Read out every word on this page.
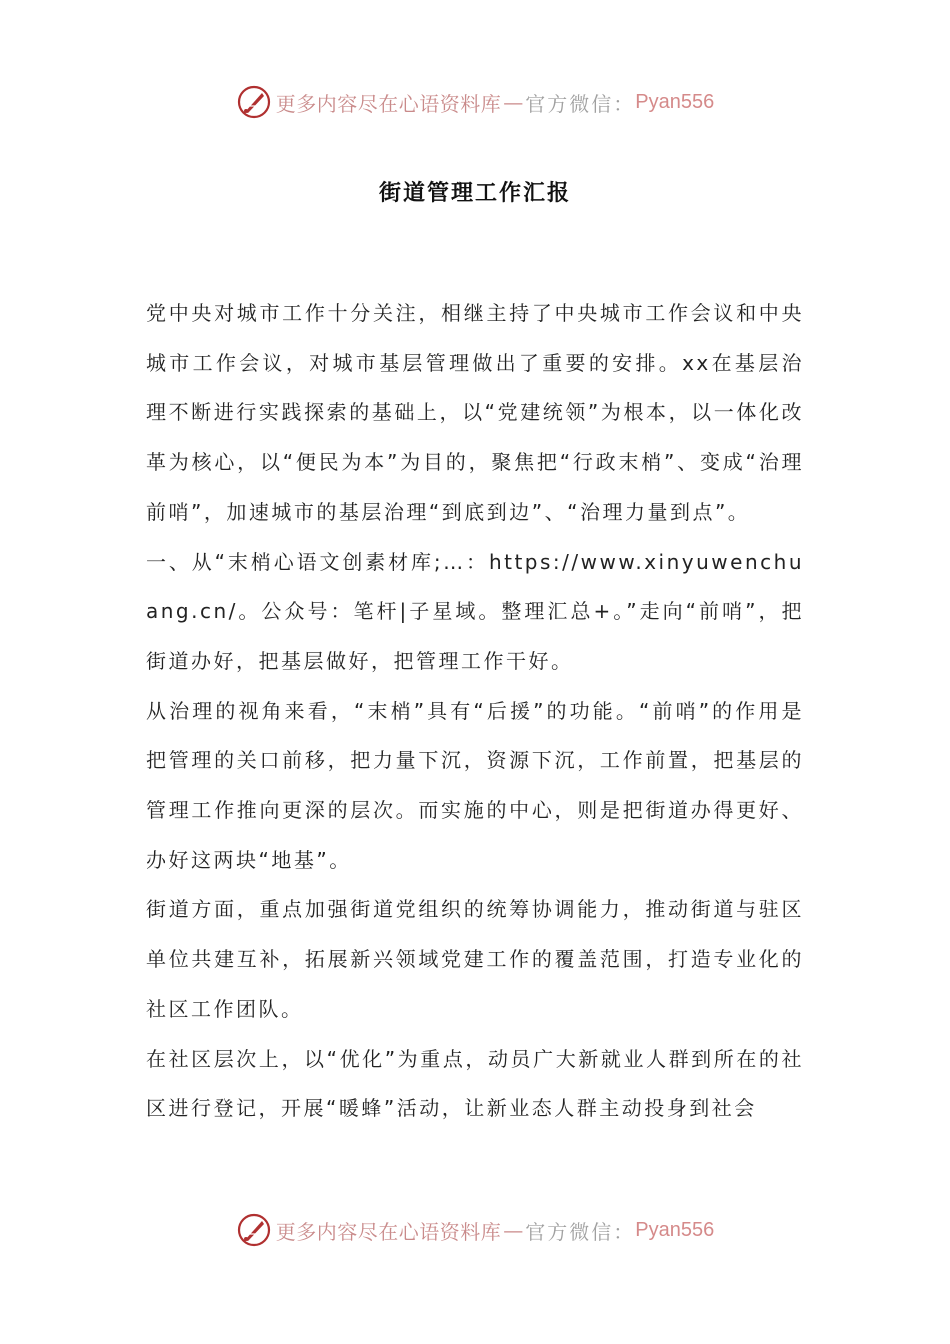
更多内容尽在心语资料库 — 官方微信： Pyan556
街道管理工作汇报

党中央对城市工作十分关注，相继主持了中央城市工作会议和中央城市工作会议，对城市基层管理做出了重要的安排。xx在基层治理不断进行实践探索的基础上，以“党建统领”为根本，以一体化改革为核心，以“便民为本”为目的，聚焦把“行政末梢”、变成“治理前哨”，加速城市的基层治理“到底到边”、“治理力量到点”。

一、从“末梢心语文创素材库;…：https://www.xinyuwenchuang.cn/。公众号：笔杆|子星域。整理汇总+。”走向“前哨”，把街道办好，把基层做好，把管理工作干好。

从治理的视角来看，“末梢”具有“后援”的功能。“前哨”的作用是把管理的关口前移，把力量下沉，资源下沉，工作前置，把基层的管理工作推向更深的层次。而实施的中心，则是把街道办得更好、办好这两块“地基”。

街道方面，重点加强街道党组织的统筹协调能力，推动街道与驻区单位共建互补，拓展新兴领域党建工作的覆盖范围，打造专业化的社区工作团队。

在社区层次上，以“优化”为重点，动员广大新就业人群到所在的社区进行登记，开展“暖蜂”活动，让新业态人群主动投身到社会

更多内容尽在心语资料库 — 官方微信： Pyan556
